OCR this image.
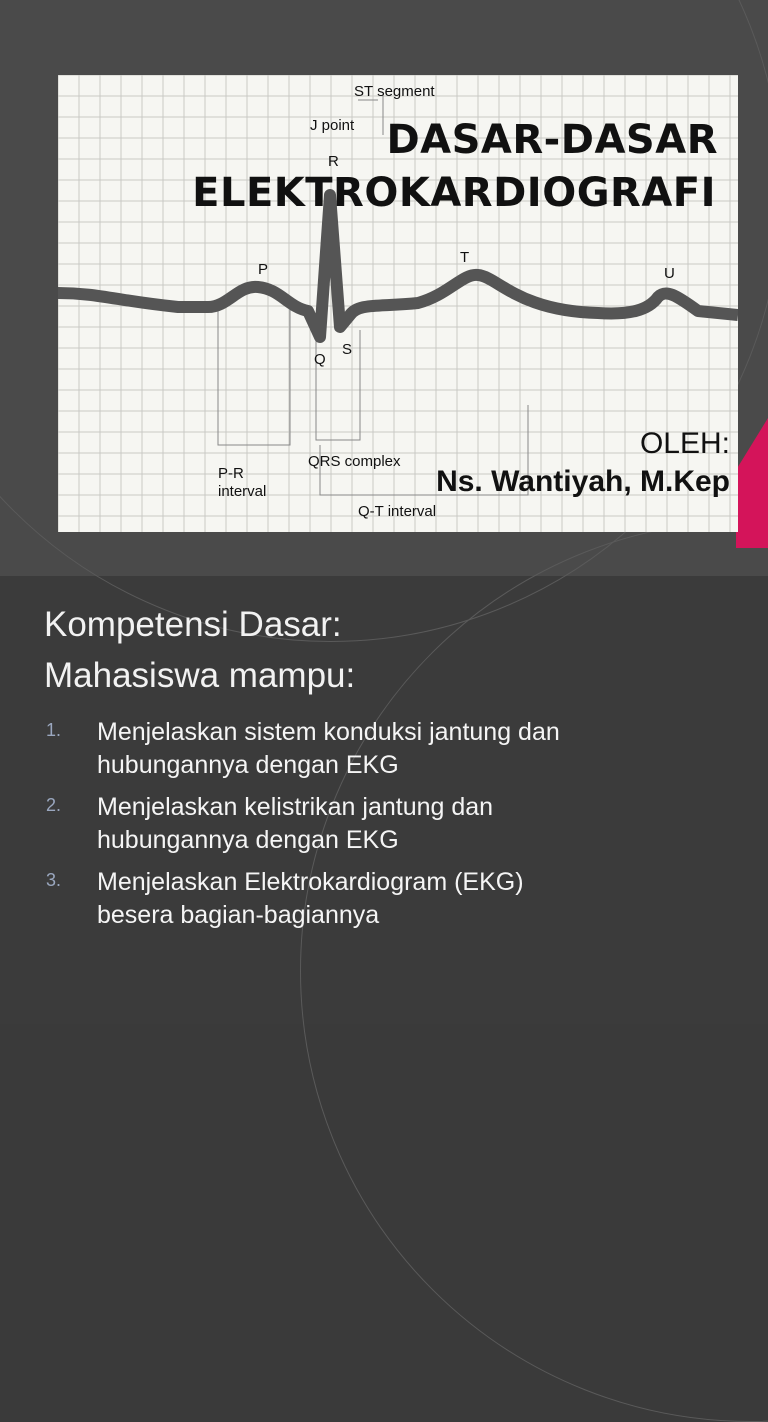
ST segment
J point
R
P
T
U
Q
S
P-R
interval
QRS complex
Q-T interval
DASAR-DASAR
ELEKTROKARDIOGRAFI
OLEH:
Ns. Wantiyah, M.Kep
Kompetensi Dasar:
Mahasiswa mampu:
1. Menjelaskan sistem konduksi jantung dan
hubungannya dengan EKG
2. Menjelaskan kelistrikan jantung dan
hubungannya dengan EKG
3. Menjelaskan Elektrokardiogram (EKG)
besera bagian-bagiannya
